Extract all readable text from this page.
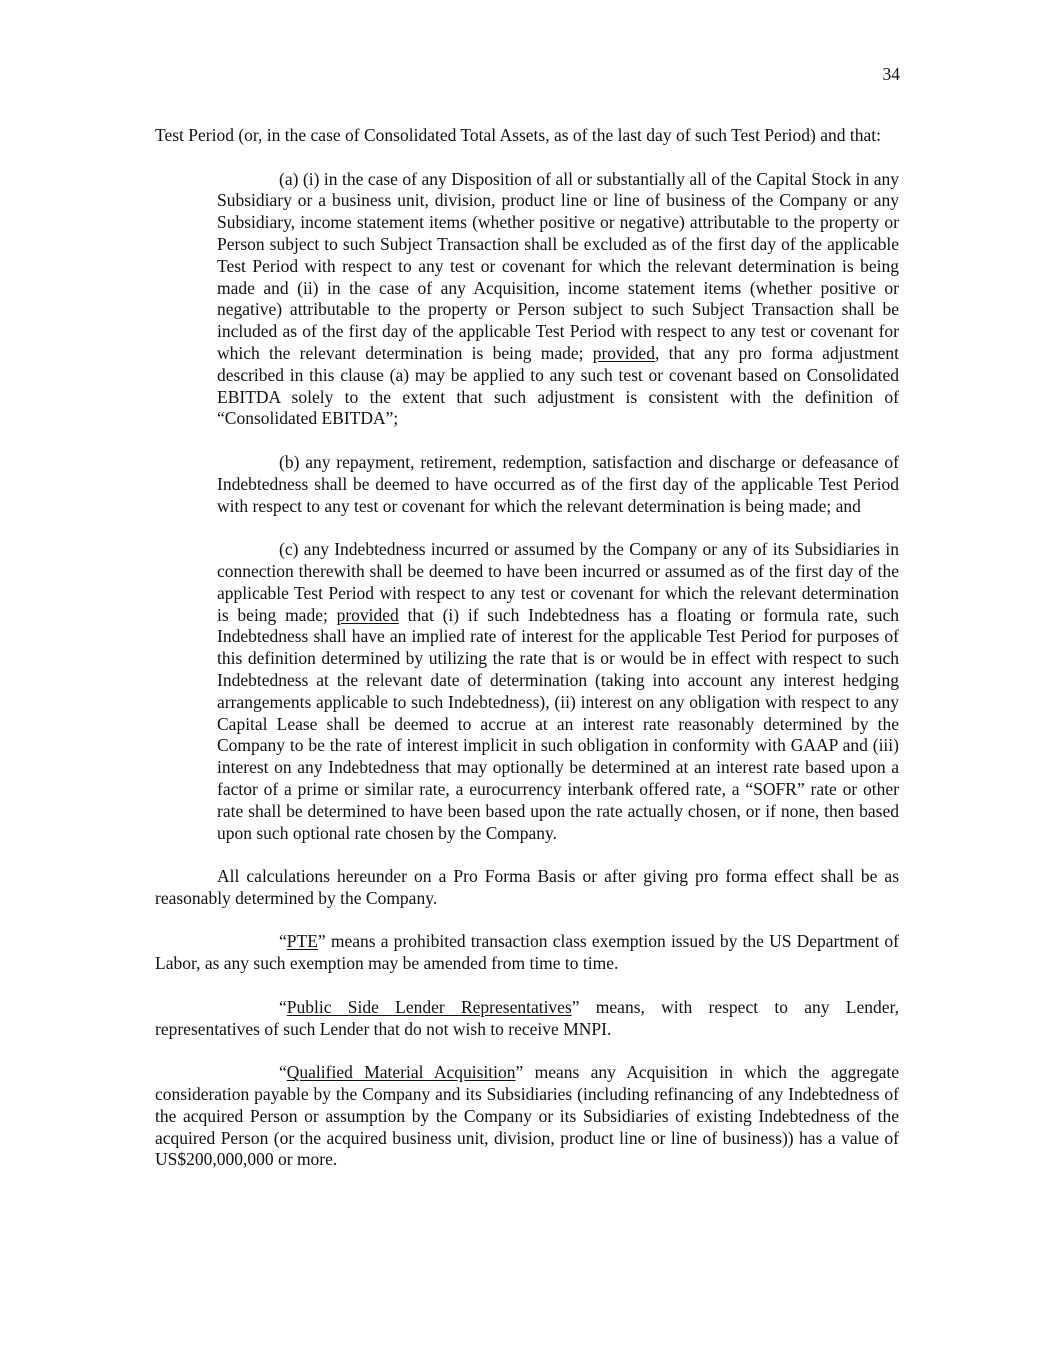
34

Test Period (or, in the case of Consolidated Total Assets, as of the last day of such Test Period) and that:

(a) (i) in the case of any Disposition of all or substantially all of the Capital Stock in any Subsidiary or a business unit, division, product line or line of business of the Company or any Subsidiary, income statement items (whether positive or negative) attributable to the property or Person subject to such Subject Transaction shall be excluded as of the first day of the applicable Test Period with respect to any test or covenant for which the relevant determination is being made and (ii) in the case of any Acquisition, income statement items (whether positive or negative) attributable to the property or Person subject to such Subject Transaction shall be included as of the first day of the applicable Test Period with respect to any test or covenant for which the relevant determination is being made; provided, that any pro forma adjustment described in this clause (a) may be applied to any such test or covenant based on Consolidated EBITDA solely to the extent that such adjustment is consistent with the definition of “Consolidated EBITDA”;

(b) any repayment, retirement, redemption, satisfaction and discharge or defeasance of Indebtedness shall be deemed to have occurred as of the first day of the applicable Test Period with respect to any test or covenant for which the relevant determination is being made; and

(c) any Indebtedness incurred or assumed by the Company or any of its Subsidiaries in connection therewith shall be deemed to have been incurred or assumed as of the first day of the applicable Test Period with respect to any test or covenant for which the relevant determination is being made; provided that (i) if such Indebtedness has a floating or formula rate, such Indebtedness shall have an implied rate of interest for the applicable Test Period for purposes of this definition determined by utilizing the rate that is or would be in effect with respect to such Indebtedness at the relevant date of determination (taking into account any interest hedging arrangements applicable to such Indebtedness), (ii) interest on any obligation with respect to any Capital Lease shall be deemed to accrue at an interest rate reasonably determined by the Company to be the rate of interest implicit in such obligation in conformity with GAAP and (iii) interest on any Indebtedness that may optionally be determined at an interest rate based upon a factor of a prime or similar rate, a eurocurrency interbank offered rate, a “SOFR” rate or other rate shall be determined to have been based upon the rate actually chosen, or if none, then based upon such optional rate chosen by the Company.

All calculations hereunder on a Pro Forma Basis or after giving pro forma effect shall be as reasonably determined by the Company.

“PTE” means a prohibited transaction class exemption issued by the US Department of Labor, as any such exemption may be amended from time to time.

“Public Side Lender Representatives” means, with respect to any Lender, representatives of such Lender that do not wish to receive MNPI.

“Qualified Material Acquisition” means any Acquisition in which the aggregate consideration payable by the Company and its Subsidiaries (including refinancing of any Indebtedness of the acquired Person or assumption by the Company or its Subsidiaries of existing Indebtedness of the acquired Person (or the acquired business unit, division, product line or line of business)) has a value of US$200,000,000 or more.
